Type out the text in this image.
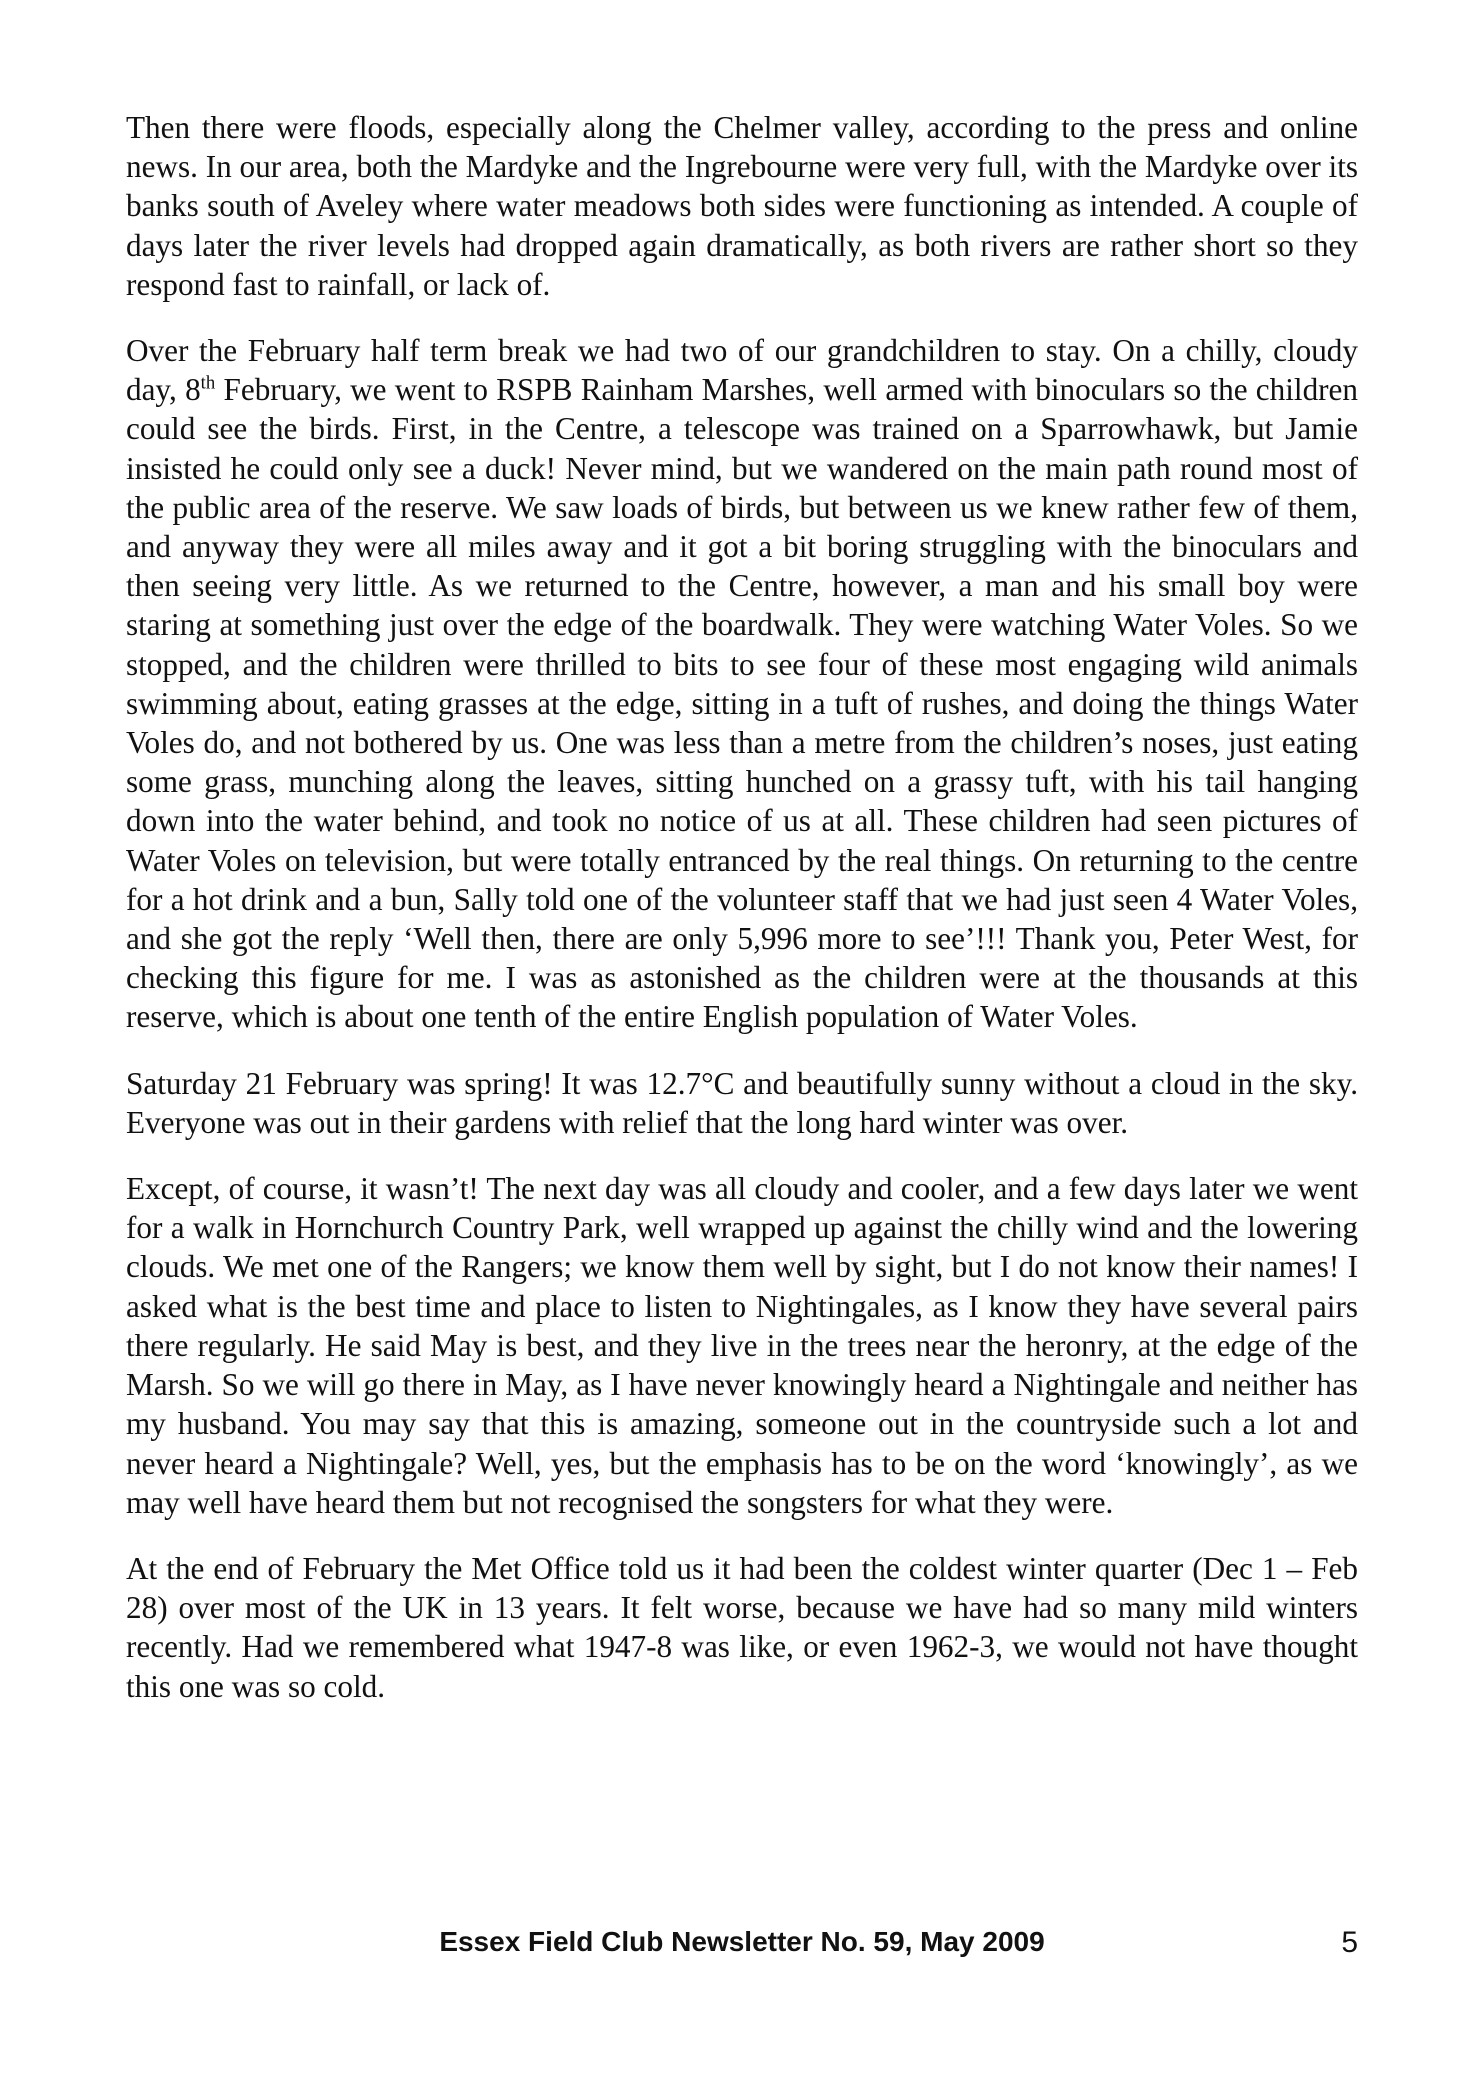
Then there were floods, especially along the Chelmer valley, according to the press and online news. In our area, both the Mardyke and the Ingrebourne were very full, with the Mardyke over its banks south of Aveley where water meadows both sides were functioning as intended. A couple of days later the river levels had dropped again dramatically, as both rivers are rather short so they respond fast to rainfall, or lack of.

Over the February half term break we had two of our grandchildren to stay. On a chilly, cloudy day, 8th February, we went to RSPB Rainham Marshes, well armed with binoculars so the children could see the birds. First, in the Centre, a telescope was trained on a Sparrowhawk, but Jamie insisted he could only see a duck! Never mind, but we wandered on the main path round most of the public area of the reserve. We saw loads of birds, but between us we knew rather few of them, and anyway they were all miles away and it got a bit boring struggling with the binoculars and then seeing very little. As we returned to the Centre, however, a man and his small boy were staring at something just over the edge of the boardwalk. They were watching Water Voles. So we stopped, and the children were thrilled to bits to see four of these most engaging wild animals swimming about, eating grasses at the edge, sitting in a tuft of rushes, and doing the things Water Voles do, and not bothered by us. One was less than a metre from the children’s noses, just eating some grass, munching along the leaves, sitting hunched on a grassy tuft, with his tail hanging down into the water behind, and took no notice of us at all. These children had seen pictures of Water Voles on television, but were totally entranced by the real things. On returning to the centre for a hot drink and a bun, Sally told one of the volunteer staff that we had just seen 4 Water Voles, and she got the reply ‘Well then, there are only 5,996 more to see’!!! Thank you, Peter West, for checking this figure for me. I was as astonished as the children were at the thousands at this reserve, which is about one tenth of the entire English population of Water Voles.

Saturday 21 February was spring! It was 12.7°C and beautifully sunny without a cloud in the sky. Everyone was out in their gardens with relief that the long hard winter was over.

Except, of course, it wasn’t! The next day was all cloudy and cooler, and a few days later we went for a walk in Hornchurch Country Park, well wrapped up against the chilly wind and the lowering clouds. We met one of the Rangers; we know them well by sight, but I do not know their names! I asked what is the best time and place to listen to Nightingales, as I know they have several pairs there regularly. He said May is best, and they live in the trees near the heronry, at the edge of the Marsh. So we will go there in May, as I have never knowingly heard a Nightingale and neither has my husband. You may say that this is amazing, someone out in the countryside such a lot and never heard a Nightingale? Well, yes, but the emphasis has to be on the word ‘knowingly’, as we may well have heard them but not recognised the songsters for what they were.

At the end of February the Met Office told us it had been the coldest winter quarter (Dec 1 – Feb 28) over most of the UK in 13 years. It felt worse, because we have had so many mild winters recently. Had we remembered what 1947-8 was like, or even 1962-3, we would not have thought this one was so cold.

Essex Field Club Newsletter No. 59, May 2009	5
